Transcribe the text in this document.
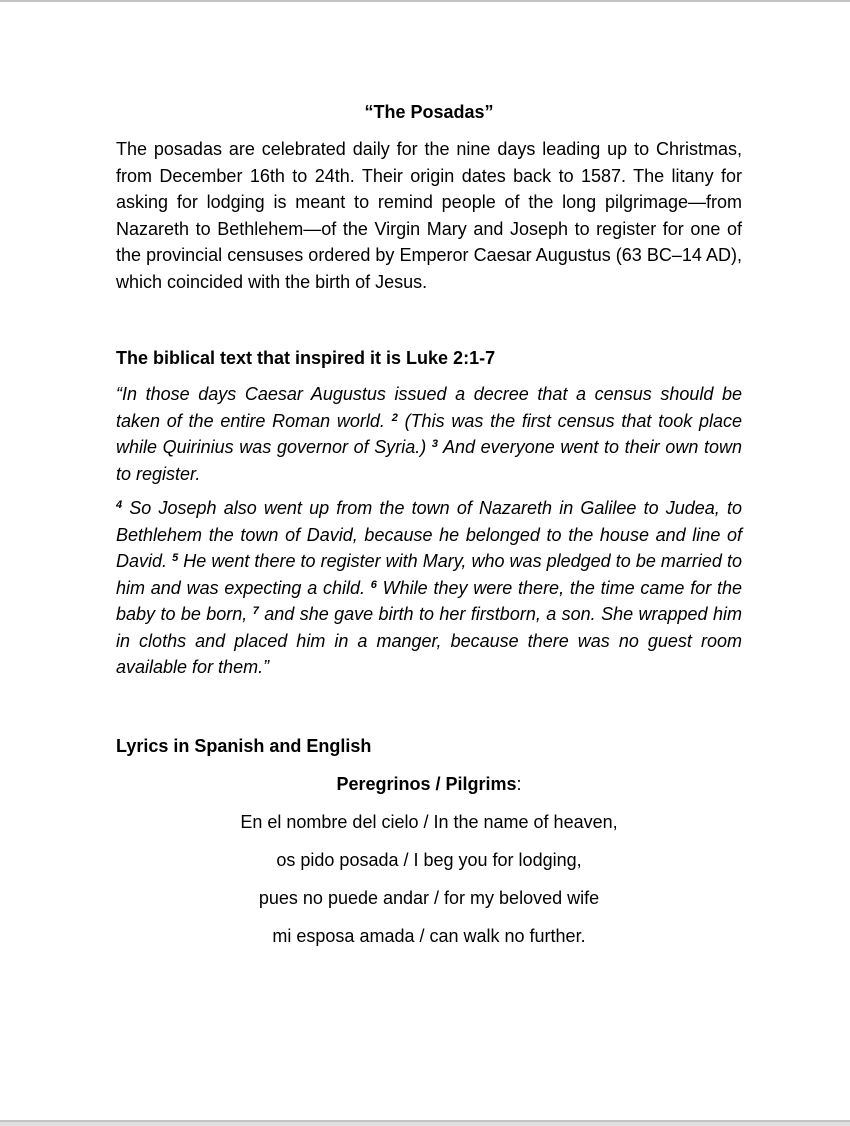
“The Posadas”

The posadas are celebrated daily for the nine days leading up to Christmas, from December 16th to 24th. Their origin dates back to 1587. The litany for asking for lodging is meant to remind people of the long pilgrimage—from Nazareth to Bethlehem—of the Virgin Mary and Joseph to register for one of the provincial censuses ordered by Emperor Caesar Augustus (63 BC–14 AD), which coincided with the birth of Jesus.

The biblical text that inspired it is Luke 2:1-7

“In those days Caesar Augustus issued a decree that a census should be taken of the entire Roman world. $^2$ (This was the first census that took place while Quirinius was governor of Syria.) $^3$ And everyone went to their own town to register.

$^4$ So Joseph also went up from the town of Nazareth in Galilee to Judea, to Bethlehem the town of David, because he belonged to the house and line of David. $^5$ He went there to register with Mary, who was pledged to be married to him and was expecting a child. $^6$ While they were there, the time came for the baby to be born, $^7$ and she gave birth to her firstborn, a son. She wrapped him in cloths and placed him in a manger, because there was no guest room available for them.”

Lyrics in Spanish and English

Peregrinos / Pilgrims:

En el nombre del cielo / In the name of heaven,

os pido posada / I beg you for lodging,

pues no puede andar / for my beloved wife

mi esposa amada / can walk no further.
